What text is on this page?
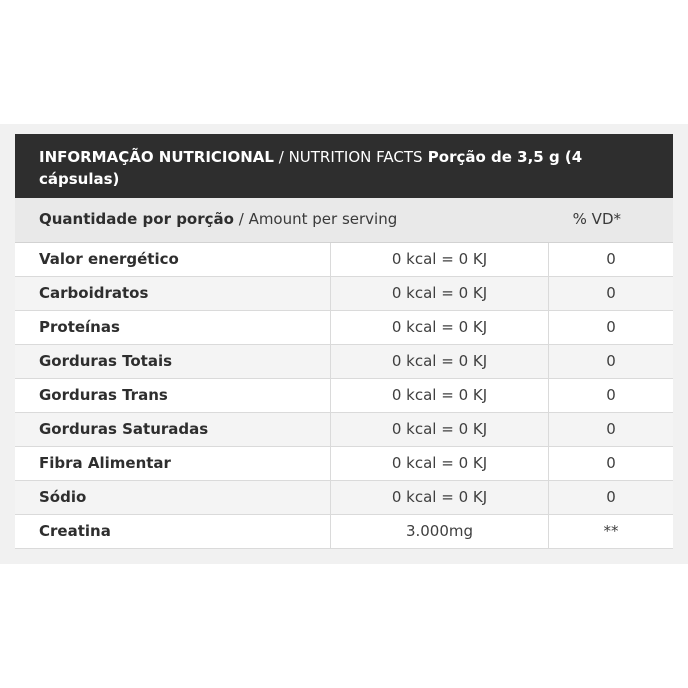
INFORMAÇÃO NUTRICIONAL / NUTRITION FACTS Porção de 3,5 g (4 cápsulas)
Quantidade por porção / Amount per serving	% VD*
Valor energético	0 kcal = 0 KJ	0
Carboidratos	0 kcal = 0 KJ	0
Proteínas	0 kcal = 0 KJ	0
Gorduras Totais	0 kcal = 0 KJ	0
Gorduras Trans	0 kcal = 0 KJ	0
Gorduras Saturadas	0 kcal = 0 KJ	0
Fibra Alimentar	0 kcal = 0 KJ	0
Sódio	0 kcal = 0 KJ	0
Creatina	3.000mg	**
